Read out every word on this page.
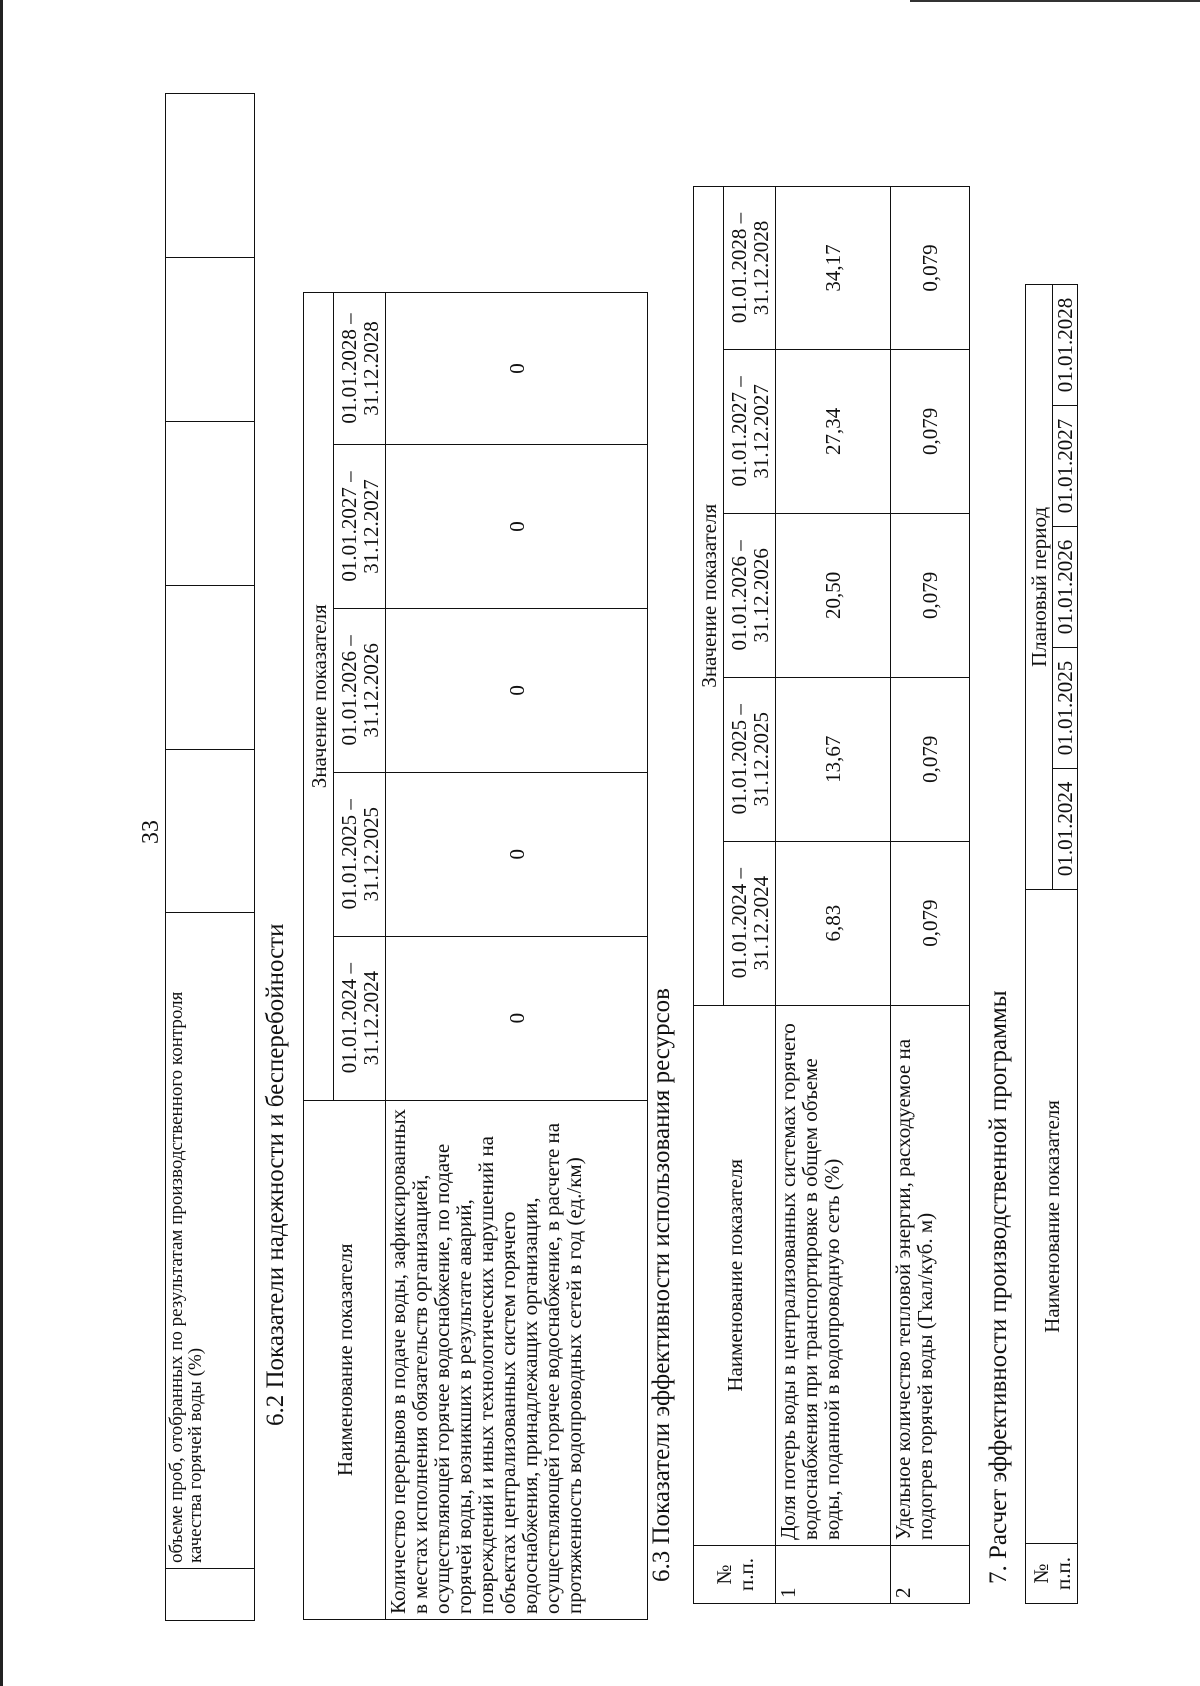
33
	объеме проб, отобранных по результатам производственного контроля качества горячей воды (%)					
6.2 Показатели надежности и бесперебойности Наименование показателя	Значение показателя				
	01.01.2024 – 31.12.2024	01.01.2025 – 31.12.2025	01.01.2026 – 31.12.2026	01.01.2027 – 31.12.2027	01.01.2028 – 31.12.2028
Количество перерывов в подаче воды, зафиксированных в местах исполнения обязательств организацией, осуществляющей горячее водоснабжение, по подаче горячей воды, возникших в результате аварий, повреждений и иных технологических нарушений на объектах централизованных систем горячего водоснабжения, принадлежащих организации, осуществляющей горячее водоснабжение, в расчете на протяженность водопроводных сетей в год (ед./км)	0	0	0	0	0
6.3 Показатели эффективности использования ресурсов № п.п.	Наименование показателя	Значение показателя				
		01.01.2024 – 31.12.2024	01.01.2025 – 31.12.2025	01.01.2026 – 31.12.2026	01.01.2027 – 31.12.2027	01.01.2028 – 31.12.2028
1	Доля потерь воды в централизованных системах горячего водоснабжения при транспортировке в общем объеме воды, поданной в водопроводную сеть (%)	6,83	13,67	20,50	27,34	34,17
2	Удельное количество тепловой энергии, расходуемое на подогрев горячей воды (Гкал/куб. м)	0,079	0,079	0,079	0,079	0,079
7. Расчет эффективности производственной программы № п.п.	Наименование показателя	Плановый период				
		01.01.2024	01.01.2025	01.01.2026	01.01.2027	01.01.2028
